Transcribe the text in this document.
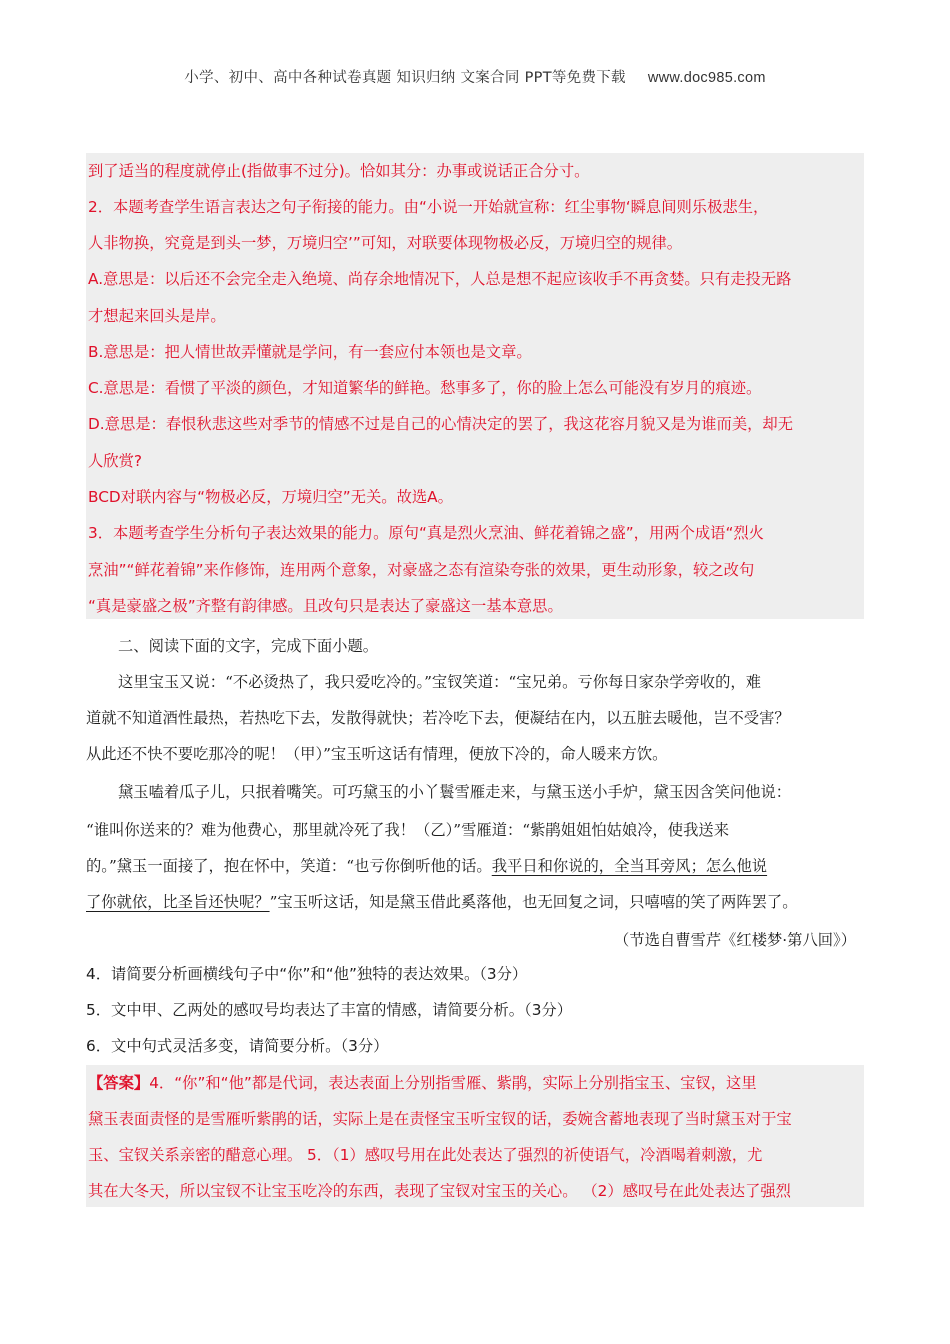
小学、初中、高中各种试卷真题 知识归纳 文案合同 PPT等免费下载 www.doc985.com
到了适当的程度就停止(指做事不过分)。恰如其分：办事或说话正合分寸。
2．本题考查学生语言表达之句子衔接的能力。由“小说一开始就宣称：红尘事物‘瞬息间则乐极悲生，
人非物换，究竟是到头一梦，万境归空’”可知，对联要体现物极必反，万境归空的规律。
A.意思是：以后还不会完全走入绝境、尚存余地情况下，人总是想不起应该收手不再贪婪。只有走投无路
才想起来回头是岸。
B.意思是：把人情世故弄懂就是学问，有一套应付本领也是文章。
C.意思是：看惯了平淡的颜色，才知道繁华的鲜艳。愁事多了，你的脸上怎么可能没有岁月的痕迹。
D.意思是：春恨秋悲这些对季节的情感不过是自己的心情决定的罢了，我这花容月貌又是为谁而美，却无
人欣赏?
BCD对联内容与“物极必反，万境归空”无关。故选A。
3．本题考查学生分析句子表达效果的能力。原句“真是烈火烹油、鲜花着锦之盛”，用两个成语“烈火
烹油”“鲜花着锦”来作修饰，连用两个意象，对豪盛之态有渲染夸张的效果，更生动形象，较之改句
“真是豪盛之极”齐整有韵律感。且改句只是表达了豪盛这一基本意思。
二、阅读下面的文字，完成下面小题。
这里宝玉又说：“不必烫热了，我只爱吃冷的。”宝钗笑道：“宝兄弟。亏你每日家杂学旁收的，难
道就不知道酒性最热，若热吃下去，发散得就快；若冷吃下去，便凝结在内，以五脏去暖他，岂不受害？
从此还不快不要吃那冷的呢！（甲）”宝玉听这话有情理，便放下冷的，命人暖来方饮。
黛玉嗑着瓜子儿，只抿着嘴笑。可巧黛玉的小丫鬟雪雁走来，与黛玉送小手炉，黛玉因含笑问他说：
“谁叫你送来的？难为他费心，那里就冷死了我！（乙）”雪雁道：“紫鹃姐姐怕姑娘冷，使我送来
的。”黛玉一面接了，抱在怀中，笑道：“也亏你倒听他的话。我平日和你说的，全当耳旁风；怎么他说
了你就依，比圣旨还快呢？”宝玉听这话，知是黛玉借此奚落他，也无回复之词，只嘻嘻的笑了两阵罢了。
（节选自曹雪芹《红楼梦·第八回》）
4．请简要分析画横线句子中“你”和“他”独特的表达效果。（3分）
5．文中甲、乙两处的感叹号均表达了丰富的情感，请简要分析。（3分）
6．文中句式灵活多变，请简要分析。（3分）
【答案】4．“你”和“他”都是代词，表达表面上分别指雪雁、紫鹃，实际上分别指宝玉、宝钗，这里
黛玉表面责怪的是雪雁听紫鹃的话，实际上是在责怪宝玉听宝钗的话，委婉含蓄地表现了当时黛玉对于宝
玉、宝钗关系亲密的醋意心理。 5．（1）感叹号用在此处表达了强烈的祈使语气，冷酒喝着刺激，尤
其在大冬天，所以宝钗不让宝玉吃冷的东西，表现了宝钗对宝玉的关心。 （2）感叹号在此处表达了强烈
